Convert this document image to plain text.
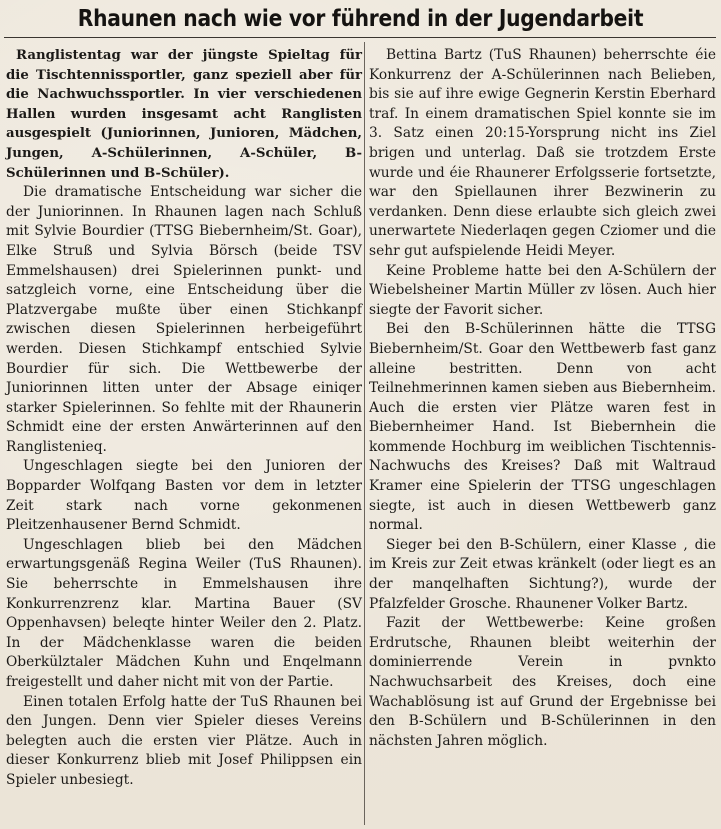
Rhaunen nach wie vor führend in der Jugendarbeit

Ranglistentag war der jüngste Spieltag für die Tischtennissportler, ganz speziell aber für die Nachwuchssportler. In vier verschiedenen Hallen wurden insgesamt acht Ranglisten ausgespielt (Juniorinnen, Junioren, Mädchen, Jungen, A-Schülerinnen, A-Schüler, B-Schülerinnen und B-Schüler).

Die dramatische Entscheidung war sicher die der Juniorinnen. In Rhaunen lagen nach Schluß mit Sylvie Bourdier (TTSG Biebernheim/St. Goar), Elke Struß und Sylvia Börsch (beide TSV Emmelshausen) drei Spielerinnen punkt- und satzgleich vorne, eine Entscheidung über die Platzvergabe mußte über einen Stichkanpf zwischen diesen Spielerinnen herbeigeführt werden. Diesen Stichkampf entschied Sylvie Bourdier für sich. Die Wettbewerbe der Juniorinnen litten unter der Absage einiqer starker Spielerinnen. So fehlte mit der Rhaunerin Schmidt eine der ersten Anwärterinnen auf den Ranglistenieq.

Ungeschlagen siegte bei den Junioren der Bopparder Wolfqang Basten vor dem in letzter Zeit stark nach vorne gekonmenen Pleitzenhausener Bernd Schmidt.

Ungeschlagen blieb bei den Mädchen erwartungsgenäß Regina Weiler (TuS Rhaunen). Sie beherrschte in Emmelshausen ihre Konkurrenzrenz klar. Martina Bauer (SV Oppenhavsen) beleqte hinter Weiler den 2. Platz. In der Mädchenklasse waren die beiden Oberkülztaler Mädchen Kuhn und Enqelmann freigestellt und daher nicht mit von der Partie.

Einen totalen Erfolg hatte der TuS Rhaunen bei den Jungen. Denn vier Spieler dieses Vereins belegten auch die ersten vier Plätze. Auch in dieser Konkurrenz blieb mit Josef Philippsen ein Spieler unbesiegt.

Bettina Bartz (TuS Rhaunen) beherrschte éie Konkurrenz der A-Schülerinnen nach Belieben, bis sie auf ihre ewige Gegnerin Kerstin Eberhard traf. In einem dramatischen Spiel konnte sie im 3. Satz einen 20:15-Yorsprung nicht ins Ziel brigen und unterlag. Daß sie trotzdem Erste wurde und éie Rhaunerer Erfolgsserie fortsetzte, war den Spiellaunen ihrer Bezwinerin zu verdanken. Denn diese erlaubte sich gleich zwei unerwartete Niederlaqen gegen Cziomer und die sehr gut aufspielende Heidi Meyer.

Keine Probleme hatte bei den A-Schülern der Wiebelsheiner Martin Müller zv lösen. Auch hier siegte der Favorit sicher.

Bei den B-Schülerinnen hätte die TTSG Biebernheim/St. Goar den Wettbewerb fast ganz alleine bestritten. Denn von acht Teilnehmerinnen kamen sieben aus Biebernheim. Auch die ersten vier Plätze waren fest in Biebernheimer Hand. Ist Biebernhein die kommende Hochburg im weiblichen Tischtennis-Nachwuchs des Kreises? Daß mit Waltraud Kramer eine Spielerin der TTSG ungeschlagen siegte, ist auch in diesen Wettbewerb ganz normal.

Sieger bei den B-Schülern, einer Klasse , die im Kreis zur Zeit etwas kränkelt (oder liegt es an der manqelhaften Sichtung?), wurde der Pfalzfelder Grosche. Rhaunener Volker Bartz.

Fazit der Wettbewerbe: Keine großen Erdrutsche, Rhaunen bleibt weiterhin der dominierrende Verein in pvnkto Nachwuchsarbeit des Kreises, doch eine Wachablösung ist auf Grund der Ergebnisse bei den B-Schülern und B-Schülerinnen in den nächsten Jahren möglich.
